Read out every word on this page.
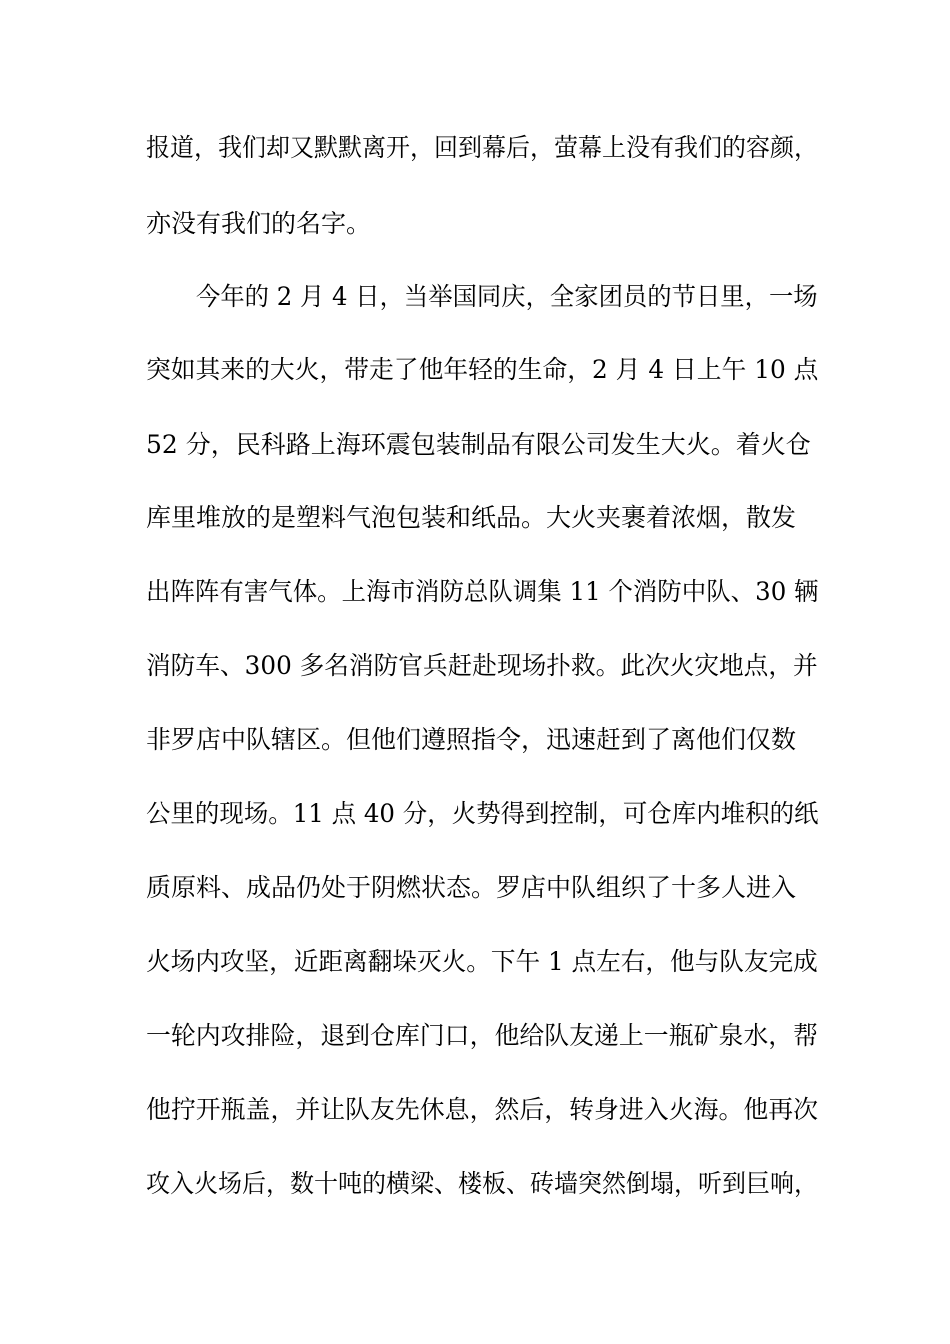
报道，我们却又默默离开，回到幕后，萤幕上没有我们的容颜，
亦没有我们的名字。
今年的 2 月 4 日，当举国同庆，全家团员的节日里，一场
突如其来的大火，带走了他年轻的生命，2 月 4 日上午 10 点
52 分，民科路上海环震包装制品有限公司发生大火。着火仓
库里堆放的是塑料气泡包装和纸品。大火夹裹着浓烟，散发
出阵阵有害气体。上海市消防总队调集 11 个消防中队、30 辆
消防车、300 多名消防官兵赶赴现场扑救。此次火灾地点，并
非罗店中队辖区。但他们遵照指令，迅速赶到了离他们仅数
公里的现场。11 点 40 分，火势得到控制，可仓库内堆积的纸
质原料、成品仍处于阴燃状态。罗店中队组织了十多人进入
火场内攻坚，近距离翻垛灭火。下午 1 点左右，他与队友完成
一轮内攻排险，退到仓库门口，他给队友递上一瓶矿泉水，帮
他拧开瓶盖，并让队友先休息，然后，转身进入火海。他再次
攻入火场后，数十吨的横梁、楼板、砖墙突然倒塌，听到巨响，
